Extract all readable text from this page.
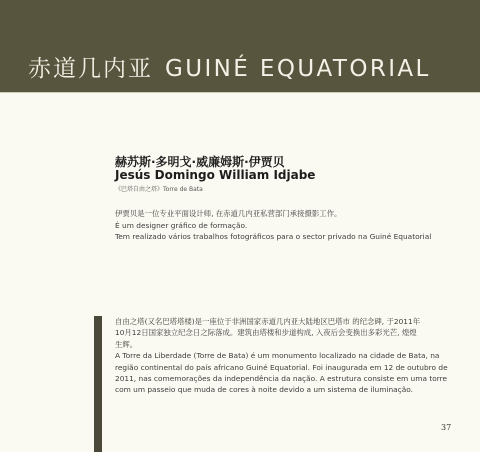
赤道几内亚 GUINÉ EQUATORIAL
赫苏斯·多明戈·威廉姆斯·伊贾贝
Jesús Domingo William Idjabe
《巴塔自由之塔》Torre de Bata
伊贾贝是一位专业平面设计师, 在赤道几内亚私营部门承接摄影工作。
É um designer gráfico de formação.
Tem realizado vários trabalhos fotográficos para o sector privado na Guiné Equatorial
自由之塔(又名巴塔塔楼)是一座位于非洲国家赤道几内亚大陆地区巴塔市 的纪念碑, 于2011年
10月12日国家独立纪念日之际落成。建筑由塔楼和步道构成, 入夜后会变换出多彩光芒, 煌煌
生辉。
A Torre da Liberdade (Torre de Bata) é um monumento localizado na cidade de Bata, na
região continental do país africano Guiné Equatorial. Foi inaugurada em 12 de outubro de
2011, nas comemorações da independência da nação. A estrutura consiste em uma torre
com um passeio que muda de cores à noite devido a um sistema de iluminação.
37
